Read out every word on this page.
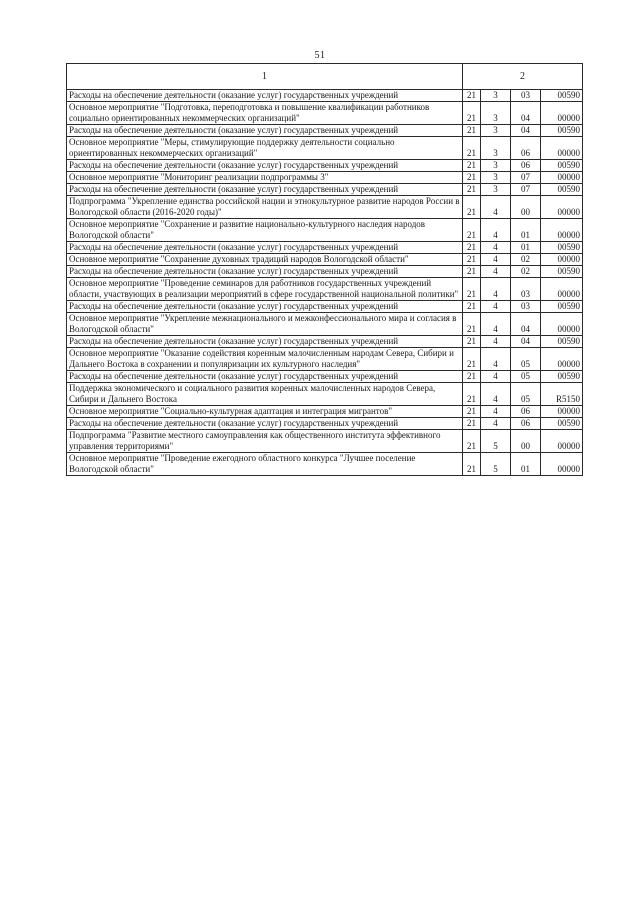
51
1	2			
Расходы на обеспечение деятельности (оказание услуг) государственных учреждений	21	3	03	00590
Основное мероприятие "Подготовка, переподготовка и повышение квалификации работников социально ориентированных некоммерческих организаций"	21	3	04	00000
Расходы на обеспечение деятельности (оказание услуг) государственных учреждений	21	3	04	00590
Основное мероприятие "Меры, стимулирующие поддержку деятельности социально ориентированных некоммерческих организаций"	21	3	06	00000
Расходы на обеспечение деятельности (оказание услуг) государственных учреждений	21	3	06	00590
Основное мероприятие "Мониторинг реализации подпрограммы 3"	21	3	07	00000
Расходы на обеспечение деятельности (оказание услуг) государственных учреждений	21	3	07	00590
Подпрограмма "Укрепление единства российской нации и этнокультурное развитие народов России в Вологодской области (2016-2020 годы)"	21	4	00	00000
Основное мероприятие "Сохранение и развитие национально-культурного наследия народов Вологодской области"	21	4	01	00000
Расходы на обеспечение деятельности (оказание услуг) государственных учреждений	21	4	01	00590
Основное мероприятие "Сохранение духовных традиций народов Вологодской области"	21	4	02	00000
Расходы на обеспечение деятельности (оказание услуг) государственных учреждений	21	4	02	00590
Основное мероприятие "Проведение семинаров для работников государственных учреждений области, участвующих в реализации мероприятий в сфере государственной национальной политики"	21	4	03	00000
Расходы на обеспечение деятельности (оказание услуг) государственных учреждений	21	4	03	00590
Основное мероприятие "Укрепление межнационального и межконфессионального мира и согласия в Вологодской области"	21	4	04	00000
Расходы на обеспечение деятельности (оказание услуг) государственных учреждений	21	4	04	00590
Основное мероприятие "Оказание содействия коренным малочисленным народам Севера, Сибири и Дальнего Востока в сохранении и популяризации их культурного наследия"	21	4	05	00000
Расходы на обеспечение деятельности (оказание услуг) государственных учреждений	21	4	05	00590
Поддержка экономического и социального развития коренных малочисленных народов Севера, Сибири и Дальнего Востока	21	4	05	R5150
Основное мероприятие "Социально-культурная адаптация и интеграция мигрантов"	21	4	06	00000
Расходы на обеспечение деятельности (оказание услуг) государственных учреждений	21	4	06	00590
Подпрограмма "Развитие местного самоуправления как общественного института эффективного управления территориями"	21	5	00	00000
Основное мероприятие "Проведение ежегодного областного конкурса "Лучшее поселение Вологодской области"	21	5	01	00000
